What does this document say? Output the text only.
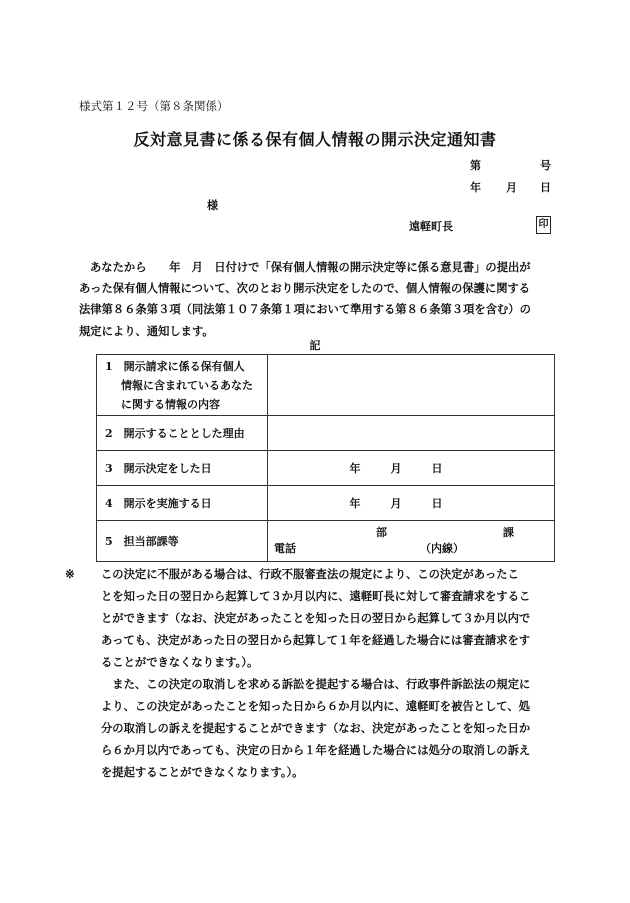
様式第１２号（第８条関係）
反対意見書に係る保有個人情報の開示決定通知書
第	号
年 月 日
様
遠軽町長	印

あなたから　　年　月　日付けで「保有個人情報の開示決定等に係る意見書」の提出が

あった保有個人情報について、次のとおり開示決定をしたので、個人情報の保護に関する

法律第８６条第３項（同法第１０７条第１項において準用する第８６条第３項を含む）の

規定により、通知します。

記
1　開示請求に係る保有個人
情報に含まれているあなた
に関する情報の内容	

2　開示することとした理由	
3　開示決定をした日	年 月 日

4　開示を実施する日	年 月 日

5　担当部課等	部 課
電話 （内線）
※ この決定に不服がある場合は、行政不服審査法の規定により、この決定があったこ

とを知った日の翌日から起算して３か月以内に、遠軽町長に対して審査請求をするこ

とができます（なお、決定があったことを知った日の翌日から起算して３か月以内で

あっても、決定があった日の翌日から起算して１年を経過した場合には審査請求をす

ることができなくなります。）。

　また、この決定の取消しを求める訴訟を提起する場合は、行政事件訴訟法の規定に

より、この決定があったことを知った日から６か月以内に、遠軽町を被告として、処

分の取消しの訴えを提起することができます（なお、決定があったことを知った日か

ら６か月以内であっても、決定の日から１年を経過した場合には処分の取消しの訴え

を提起することができなくなります。）。
